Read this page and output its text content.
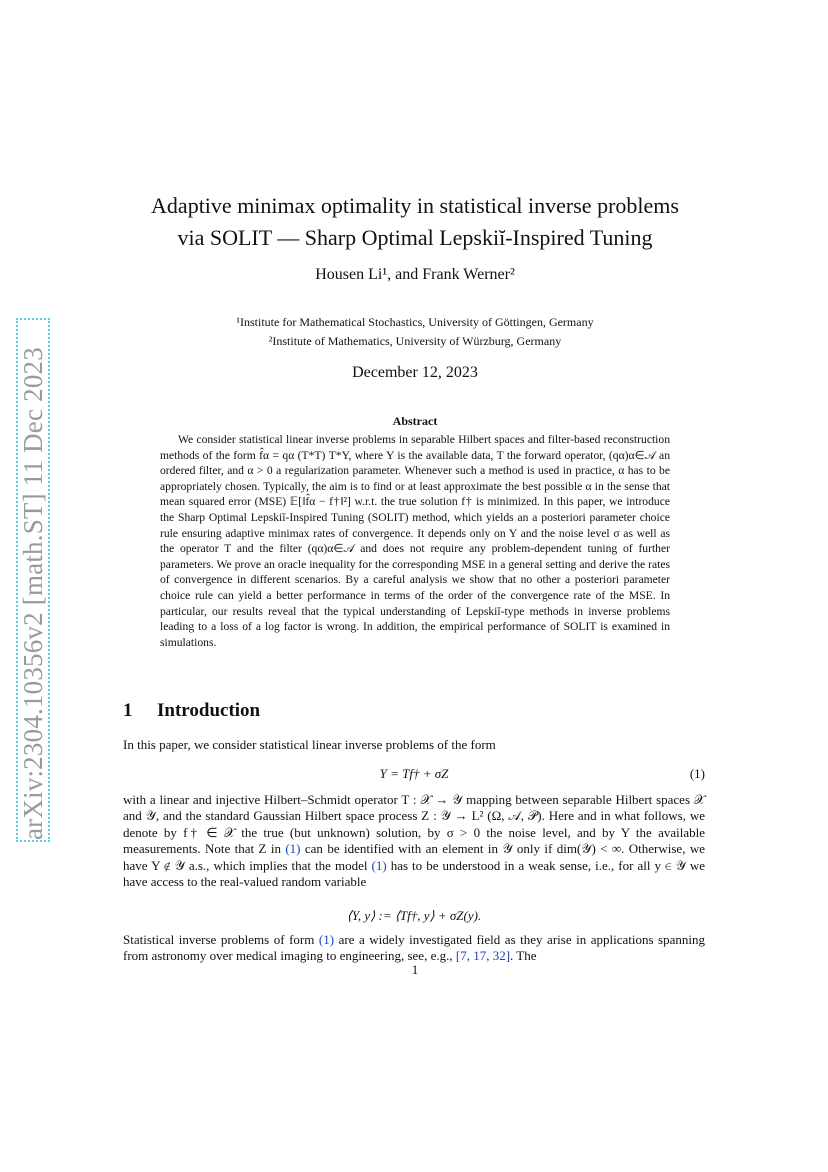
arXiv:2304.10356v2 [math.ST] 11 Dec 2023
Adaptive minimax optimality in statistical inverse problems
via SOLIT — Sharp Optimal Lepskiĭ-Inspired Tuning
Housen Li¹, and Frank Werner²
¹Institute for Mathematical Stochastics, University of Göttingen, Germany
²Institute of Mathematics, University of Würzburg, Germany
December 12, 2023
Abstract
We consider statistical linear inverse problems in separable Hilbert spaces and filter-based reconstruction methods of the form f̂α = qα (T*T) T*Y, where Y is the available data, T the forward operator, (qα)α∈𝒜 an ordered filter, and α > 0 a regularization parameter. Whenever such a method is used in practice, α has to be appropriately chosen. Typically, the aim is to find or at least approximate the best possible α in the sense that mean squared error (MSE) 𝔼[‖f̂α − f†‖²] w.r.t. the true solution f† is minimized. In this paper, we introduce the Sharp Optimal Lepskiĭ-Inspired Tuning (SOLIT) method, which yields an a posteriori parameter choice rule ensuring adaptive minimax rates of convergence. It depends only on Y and the noise level σ as well as the operator T and the filter (qα)α∈𝒜 and does not require any problem-dependent tuning of further parameters. We prove an oracle inequality for the corresponding MSE in a general setting and derive the rates of convergence in different scenarios. By a careful analysis we show that no other a posteriori parameter choice rule can yield a better performance in terms of the order of the convergence rate of the MSE. In particular, our results reveal that the typical understanding of Lepskiĭ-type methods in inverse problems leading to a loss of a log factor is wrong. In addition, the empirical performance of SOLIT is examined in simulations.
1 Introduction
In this paper, we consider statistical linear inverse problems of the form
Y = Tf† + σZ	(1)
with a linear and injective Hilbert–Schmidt operator T : 𝒳 → 𝒴 mapping between separable Hilbert spaces 𝒳 and 𝒴, and the standard Gaussian Hilbert space process Z : 𝒴 → L² (Ω, 𝒜, 𝒫). Here and in what follows, we denote by f† ∈ 𝒳 the true (but unknown) solution, by σ > 0 the noise level, and by Y the available measurements. Note that Z in (1) can be identified with an element in 𝒴 only if dim(𝒴) < ∞. Otherwise, we have Y ∉ 𝒴 a.s., which implies that the model (1) has to be understood in a weak sense, i.e., for all y ∈ 𝒴 we have access to the real-valued random variable
⟨Y, y⟩ := ⟨Tf†, y⟩ + σZ(y).
Statistical inverse problems of form (1) are a widely investigated field as they arise in applications spanning from astronomy over medical imaging to engineering, see, e.g., [7, 17, 32]. The
1
